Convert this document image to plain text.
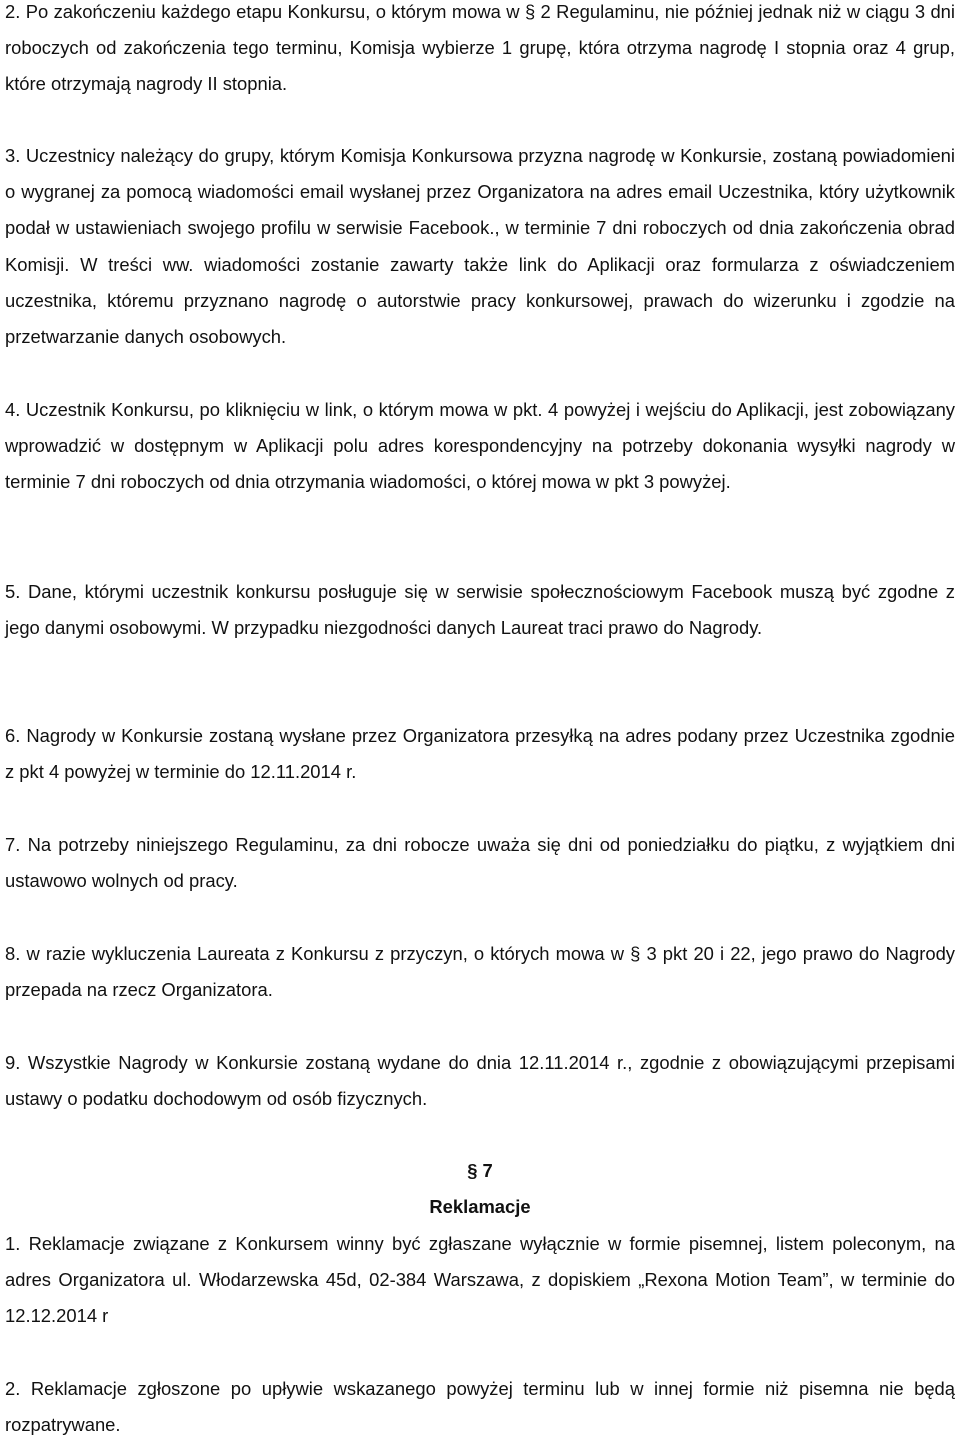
2. Po zakończeniu każdego etapu Konkursu, o którym mowa w § 2 Regulaminu, nie później jednak niż w ciągu 3 dni roboczych od zakończenia tego terminu, Komisja wybierze 1 grupę, która otrzyma nagrodę I stopnia oraz 4 grup, które otrzymają nagrody II stopnia.

3. Uczestnicy należący do grupy, którym Komisja Konkursowa przyzna nagrodę w Konkursie, zostaną powiadomieni o wygranej za pomocą wiadomości email wysłanej przez Organizatora na adres email Uczestnika, który użytkownik podał w ustawieniach swojego profilu w serwisie Facebook., w terminie 7 dni roboczych od dnia zakończenia obrad Komisji. W treści ww. wiadomości zostanie zawarty także link do Aplikacji oraz formularza z oświadczeniem uczestnika, któremu przyznano nagrodę o autorstwie pracy konkursowej, prawach do wizerunku i zgodzie na przetwarzanie danych osobowych.

4. Uczestnik Konkursu, po kliknięciu w link, o którym mowa w pkt. 4 powyżej i wejściu do Aplikacji, jest zobowiązany wprowadzić w dostępnym w Aplikacji polu adres korespondencyjny na potrzeby dokonania wysyłki nagrody w terminie 7 dni roboczych od dnia otrzymania wiadomości, o której mowa w pkt 3 powyżej.

5. Dane, którymi uczestnik konkursu posługuje się w serwisie społecznościowym Facebook muszą być zgodne z jego danymi osobowymi. W przypadku niezgodności danych Laureat traci prawo do Nagrody.

6. Nagrody w Konkursie zostaną wysłane przez Organizatora przesyłką na adres podany przez Uczestnika zgodnie z pkt 4 powyżej w terminie do 12.11.2014 r.

7. Na potrzeby niniejszego Regulaminu, za dni robocze uważa się dni od poniedziałku do piątku, z wyjątkiem dni ustawowo wolnych od pracy.

8. w razie wykluczenia Laureata z Konkursu z przyczyn, o których mowa w § 3 pkt 20 i 22, jego prawo do Nagrody przepada na rzecz Organizatora.

9. Wszystkie Nagrody w Konkursie zostaną wydane do dnia 12.11.2014 r., zgodnie z obowiązującymi przepisami ustawy o podatku dochodowym od osób fizycznych.

§ 7

Reklamacje

1. Reklamacje związane z Konkursem winny być zgłaszane wyłącznie w formie pisemnej, listem poleconym, na adres Organizatora ul. Włodarzewska 45d, 02-384 Warszawa, z dopiskiem „Rexona Motion Team”, w terminie do 12.12.2014 r

2. Reklamacje zgłoszone po upływie wskazanego powyżej terminu lub w innej formie niż pisemna nie będą rozpatrywane.
